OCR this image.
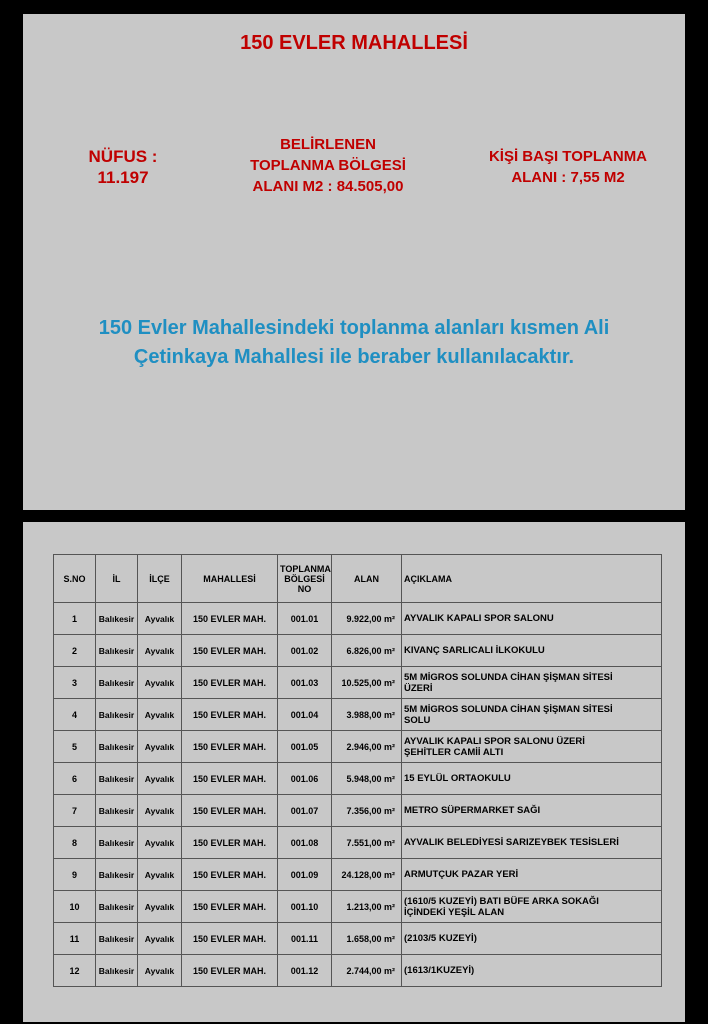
150 EVLER MAHALLESİ
NÜFUS :
11.197
BELİRLENEN
TOPLANMA BÖLGESİ
ALANI M2 : 84.505,00
KİŞİ BAŞI TOPLANMA
ALANI : 7,55 M2
150 Evler Mahallesindeki toplanma alanları kısmen Ali
Çetinkaya Mahallesi ile beraber kullanılacaktır.
S.NO	İL	İLÇE	MAHALLESİ	TOPLANMA
BÖLGESİ
NO	ALAN	AÇIKLAMA
1	Balıkesir	Ayvalık	150 EVLER MAH.	001.01	9.922,00 m²	AYVALIK KAPALI SPOR SALONU

2	Balıkesir	Ayvalık	150 EVLER MAH.	001.02	6.826,00 m²	KIVANÇ SARLICALI İLKOKULU

3	Balıkesir	Ayvalık	150 EVLER MAH.	001.03	10.525,00 m²	5M MİGROS SOLUNDA CİHAN ŞİŞMAN SİTESİ
ÜZERİ

4	Balıkesir	Ayvalık	150 EVLER MAH.	001.04	3.988,00 m²	5M MİGROS SOLUNDA CİHAN ŞİŞMAN SİTESİ
SOLU

5	Balıkesir	Ayvalık	150 EVLER MAH.	001.05	2.946,00 m²	AYVALIK KAPALI SPOR SALONU ÜZERİ
ŞEHİTLER CAMİİ ALTI

6	Balıkesir	Ayvalık	150 EVLER MAH.	001.06	5.948,00 m²	15 EYLÜL ORTAOKULU

7	Balıkesir	Ayvalık	150 EVLER MAH.	001.07	7.356,00 m²	METRO SÜPERMARKET SAĞI

8	Balıkesir	Ayvalık	150 EVLER MAH.	001.08	7.551,00 m²	AYVALIK BELEDİYESİ SARIZEYBEK TESİSLERİ

9	Balıkesir	Ayvalık	150 EVLER MAH.	001.09	24.128,00 m²	ARMUTÇUK PAZAR YERİ

10	Balıkesir	Ayvalık	150 EVLER MAH.	001.10	1.213,00 m²	(1610/5 KUZEYİ) BATI BÜFE ARKA SOKAĞI
İÇİNDEKİ YEŞİL ALAN

11	Balıkesir	Ayvalık	150 EVLER MAH.	001.11	1.658,00 m²	(2103/5 KUZEYİ)

12	Balıkesir	Ayvalık	150 EVLER MAH.	001.12	2.744,00 m²	(1613/1KUZEYİ)
